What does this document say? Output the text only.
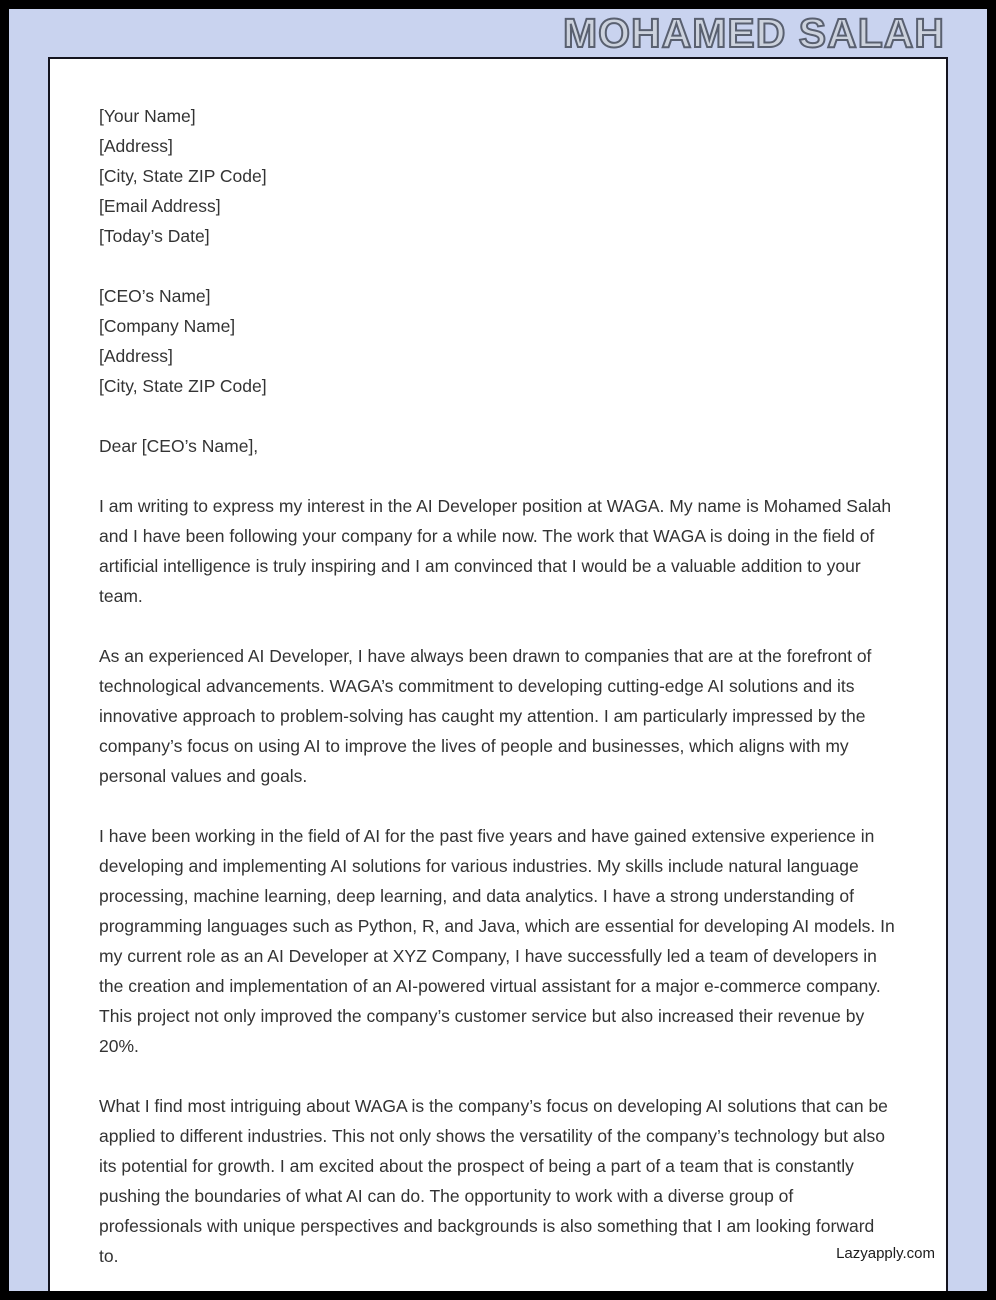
MOHAMED SALAH
[Your Name]
[Address]
[City, State ZIP Code]
[Email Address]
[Today’s Date]
[CEO’s Name]
[Company Name]
[Address]
[City, State ZIP Code]
Dear [CEO’s Name],

I am writing to express my interest in the AI Developer position at WAGA. My name is Mohamed Salah and I have been following your company for a while now. The work that WAGA is doing in the field of artificial intelligence is truly inspiring and I am convinced that I would be a valuable addition to your team.

As an experienced AI Developer, I have always been drawn to companies that are at the forefront of technological advancements. WAGA’s commitment to developing cutting-edge AI solutions and its innovative approach to problem-solving has caught my attention. I am particularly impressed by the company’s focus on using AI to improve the lives of people and businesses, which aligns with my personal values and goals.

I have been working in the field of AI for the past five years and have gained extensive experience in developing and implementing AI solutions for various industries. My skills include natural language processing, machine learning, deep learning, and data analytics. I have a strong understanding of programming languages such as Python, R, and Java, which are essential for developing AI models. In my current role as an AI Developer at XYZ Company, I have successfully led a team of developers in the creation and implementation of an AI-powered virtual assistant for a major e-commerce company. This project not only improved the company’s customer service but also increased their revenue by 20%.

What I find most intriguing about WAGA is the company’s focus on developing AI solutions that can be applied to different industries. This not only shows the versatility of the company’s technology but also its potential for growth. I am excited about the prospect of being a part of a team that is constantly pushing the boundaries of what AI can do. The opportunity to work with a diverse group of professionals with unique perspectives and backgrounds is also something that I am looking forward to.	Lazyapply.com
